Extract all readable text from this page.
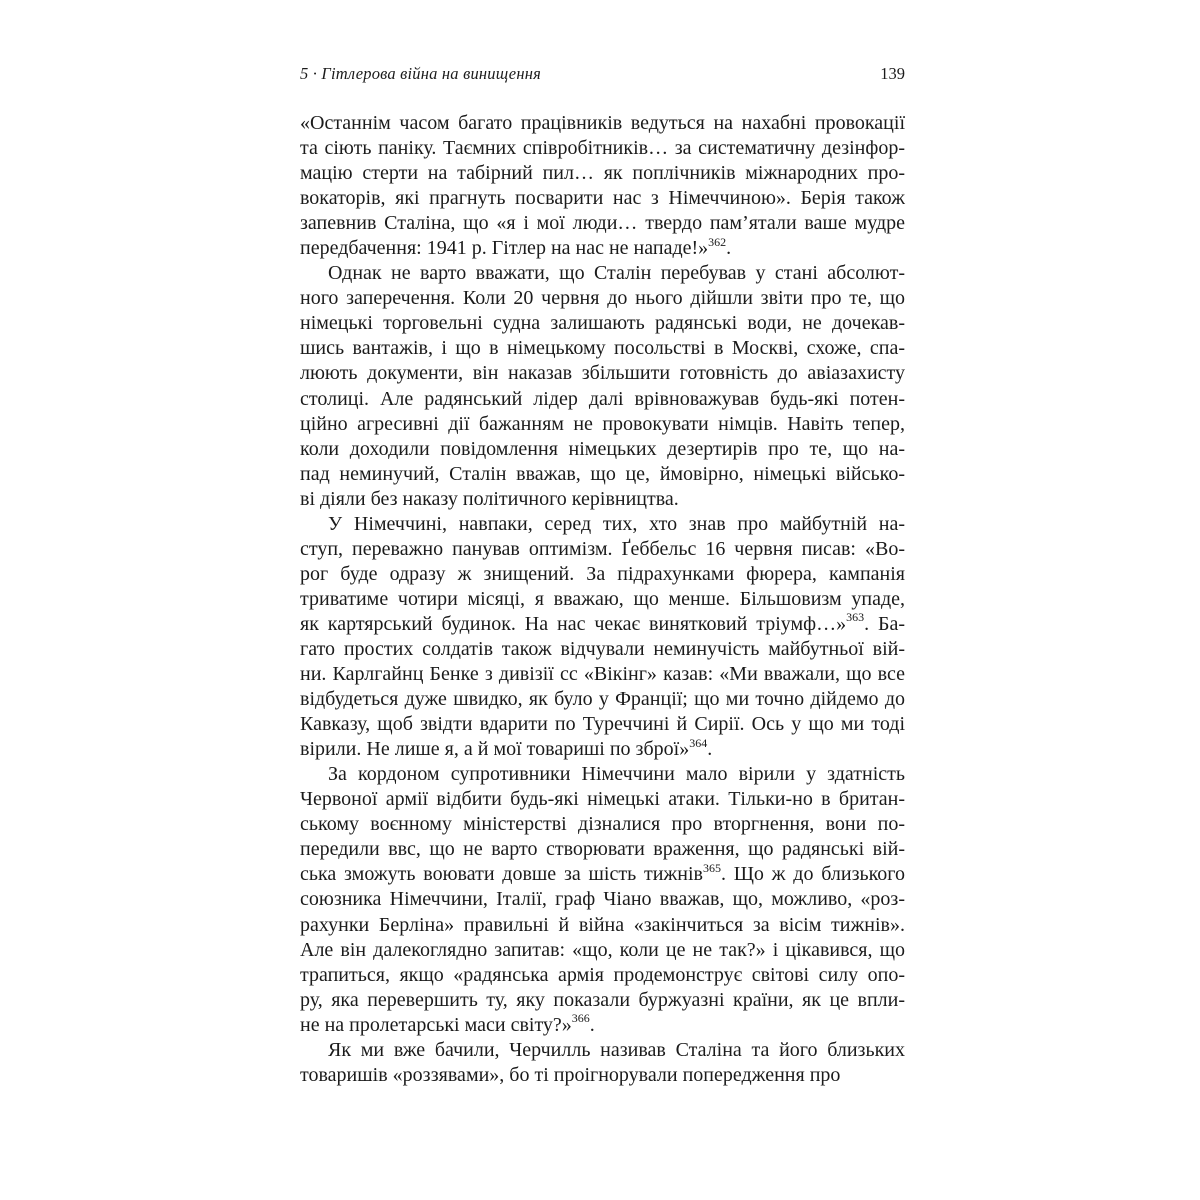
5 · Гітлерова війна на винищення	139
«Останнім часом багато працівників ведуться на нахабні провокації
та сіють паніку. Таємних співробітників… за систематичну дезінфор-
мацію стерти на табірний пил… як поплічників міжнародних про-
вокаторів, які прагнуть посварити нас з Німеччиною». Берія також
запевнив Сталіна, що «я і мої люди… твердо пам’ятали ваше мудре
передбачення: 1941 р. Гітлер на нас не нападе!»$^{362}$.
Однак не варто вважати, що Сталін перебував у стані абсолют-
ного заперечення. Коли 20 червня до нього дійшли звіти про те, що
німецькі торговельні судна залишають радянські води, не дочекав-
шись вантажів, і що в німецькому посольстві в Москві, схоже, спа-
люють документи, він наказав збільшити готовність до авіазахисту
столиці. Але радянський лідер далі врівноважував будь-які потен-
ційно агресивні дії бажанням не провокувати німців. Навіть тепер,
коли доходили повідомлення німецьких дезертирів про те, що на-
пад неминучий, Сталін вважав, що це, ймовірно, німецькі військо-
ві діяли без наказу політичного керівництва.
У Німеччині, навпаки, серед тих, хто знав про майбутній на-
ступ, переважно панував оптимізм. Ґеббельс 16 червня писав: «Во-
рог буде одразу ж знищений. За підрахунками фюрера, кампанія
триватиме чотири місяці, я вважаю, що менше. Більшовизм упаде,
як картярський будинок. На нас чекає винятковий тріумф…»$^{363}$. Ба-
гато простих солдатів також відчували неминучість майбутньої вій-
ни. Карлгайнц Бенке з дивізії сс «Вікінг» казав: «Ми вважали, що все
відбудеться дуже швидко, як було у Франції; що ми точно дійдемо до
Кавказу, щоб звідти вдарити по Туреччині й Сирії. Ось у що ми тоді
вірили. Не лише я, а й мої товариші по зброї»$^{364}$.
За кордоном супротивники Німеччини мало вірили у здатність
Червоної армії відбити будь-які німецькі атаки. Тільки-но в британ-
ському воєнному міністерстві дізналися про вторгнення, вони по-
передили ввс, що не варто створювати враження, що радянські вій-
ська зможуть воювати довше за шість тижнів$^{365}$. Що ж до близького
союзника Німеччини, Італії, граф Чіано вважав, що, можливо, «роз-
рахунки Берліна» правильні й війна «закінчиться за вісім тижнів».
Але він далекоглядно запитав: «що, коли це не так?» і цікавився, що
трапиться, якщо «радянська армія продемонструє світові силу опо-
ру, яка перевершить ту, яку показали буржуазні країни, як це впли-
не на пролетарські маси світу?»$^{366}$.
Як ми вже бачили, Черчилль називав Сталіна та його близьких
товаришів «роззявами», бо ті проігнорували попередження про
